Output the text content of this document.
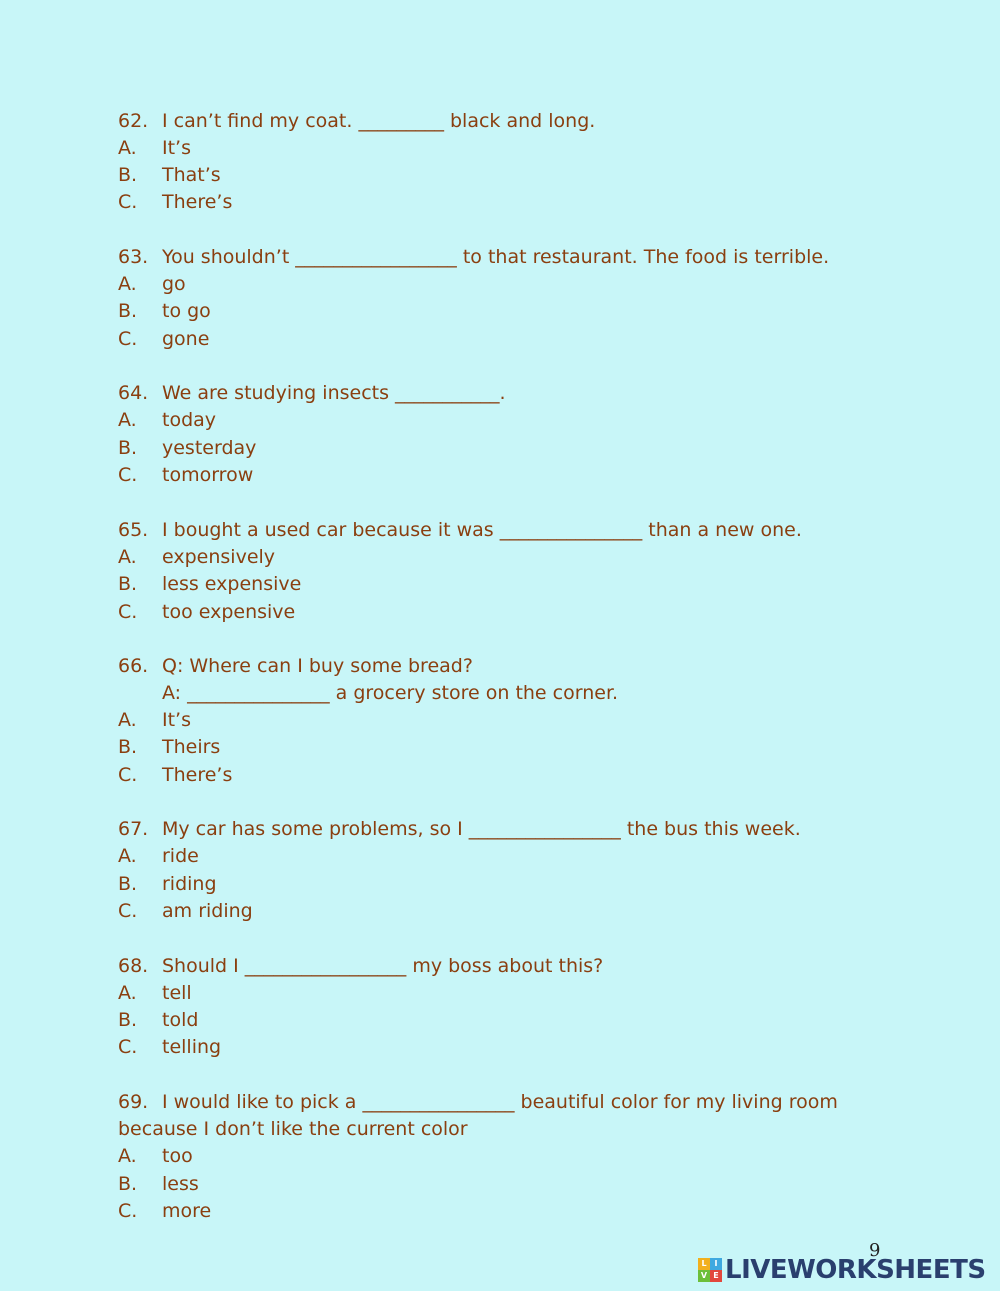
62. I can’t find my coat. _________ black and long.
A. It’s
B. That’s
C. There’s
63. You shouldn’t _________________ to that restaurant. The food is terrible.
A. go
B. to go
C. gone
64. We are studying insects ___________.
A. today
B. yesterday
C. tomorrow
65. I bought a used car because it was _______________ than a new one.
A. expensively
B. less expensive
C. too expensive
66. Q: Where can I buy some bread?
A: _______________ a grocery store on the corner.
A. It’s
B. Theirs
C. There’s
67. My car has some problems, so I ________________ the bus this week.
A. ride
B. riding
C. am riding
68. Should I _________________ my boss about this?
A. tell
B. told
C. telling
69. I would like to pick a ________________ beautiful color for my living room
because I don’t like the current color
A. too
B. less
C. more
9
L I
V E LIVEWORKSHEETS
